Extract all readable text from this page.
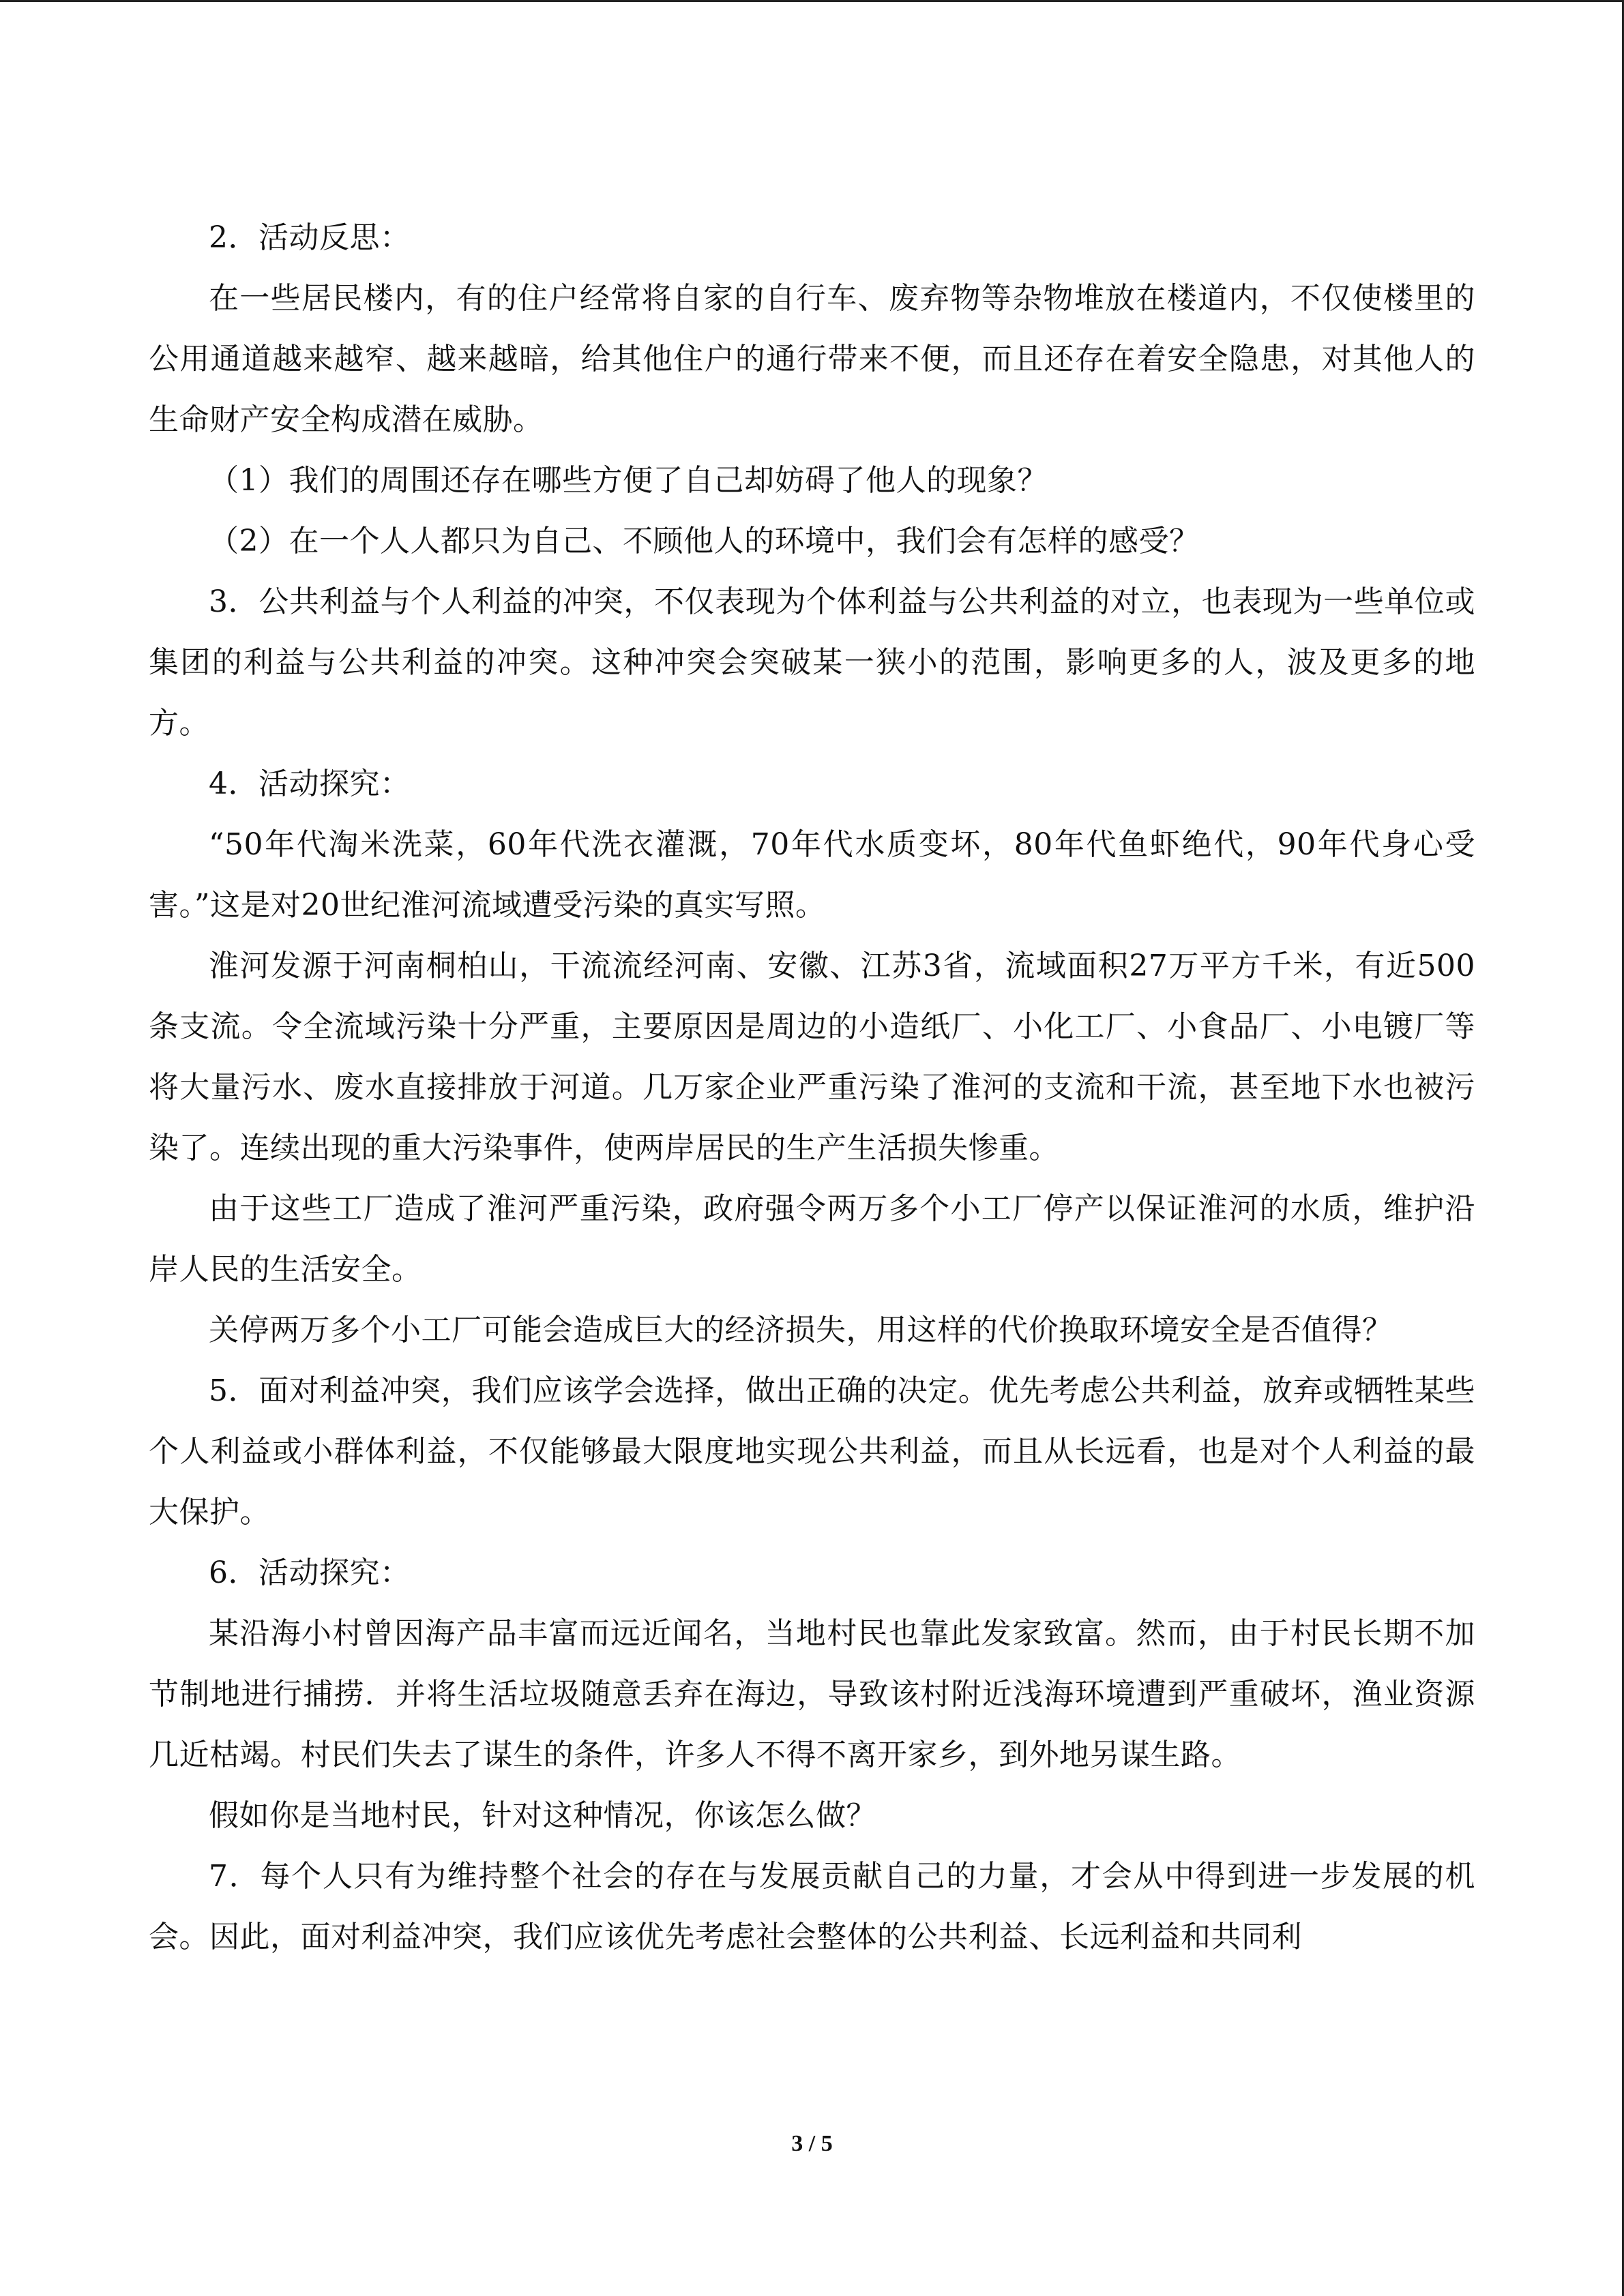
2．活动反思：

在一些居民楼内，有的住户经常将自家的自行车、废弃物等杂物堆放在楼道内，不仅使楼里的公用通道越来越窄、越来越暗，给其他住户的通行带来不便，而且还存在着安全隐患，对其他人的生命财产安全构成潜在威胁。

（1）我们的周围还存在哪些方便了自己却妨碍了他人的现象？

（2）在一个人人都只为自己、不顾他人的环境中，我们会有怎样的感受？

3．公共利益与个人利益的冲突，不仅表现为个体利益与公共利益的对立，也表现为一些单位或集团的利益与公共利益的冲突。这种冲突会突破某一狭小的范围，影响更多的人，波及更多的地方。

4．活动探究：

“50年代淘米洗菜，60年代洗衣灌溉，70年代水质变坏，80年代鱼虾绝代，90年代身心受害。”这是对20世纪淮河流域遭受污染的真实写照。

淮河发源于河南桐柏山，干流流经河南、安徽、江苏3省，流域面积27万平方千米，有近500条支流。令全流域污染十分严重，主要原因是周边的小造纸厂、小化工厂、小食品厂、小电镀厂等将大量污水、废水直接排放于河道。几万家企业严重污染了淮河的支流和干流，甚至地下水也被污染了。连续出现的重大污染事件，使两岸居民的生产生活损失惨重。

由于这些工厂造成了淮河严重污染，政府强令两万多个小工厂停产以保证淮河的水质，维护沿岸人民的生活安全。

关停两万多个小工厂可能会造成巨大的经济损失，用这样的代价换取环境安全是否值得？

5．面对利益冲突，我们应该学会选择，做出正确的决定。优先考虑公共利益，放弃或牺牲某些个人利益或小群体利益，不仅能够最大限度地实现公共利益，而且从长远看，也是对个人利益的最大保护。

6．活动探究：

某沿海小村曾因海产品丰富而远近闻名，当地村民也靠此发家致富。然而，由于村民长期不加节制地进行捕捞．并将生活垃圾随意丢弃在海边，导致该村附近浅海环境遭到严重破坏，渔业资源几近枯竭。村民们失去了谋生的条件，许多人不得不离开家乡，到外地另谋生路。

假如你是当地村民，针对这种情况，你该怎么做？

7．每个人只有为维持整个社会的存在与发展贡献自己的力量，才会从中得到进一步发展的机会。因此，面对利益冲突，我们应该优先考虑社会整体的公共利益、长远利益和共同利

3 / 5
